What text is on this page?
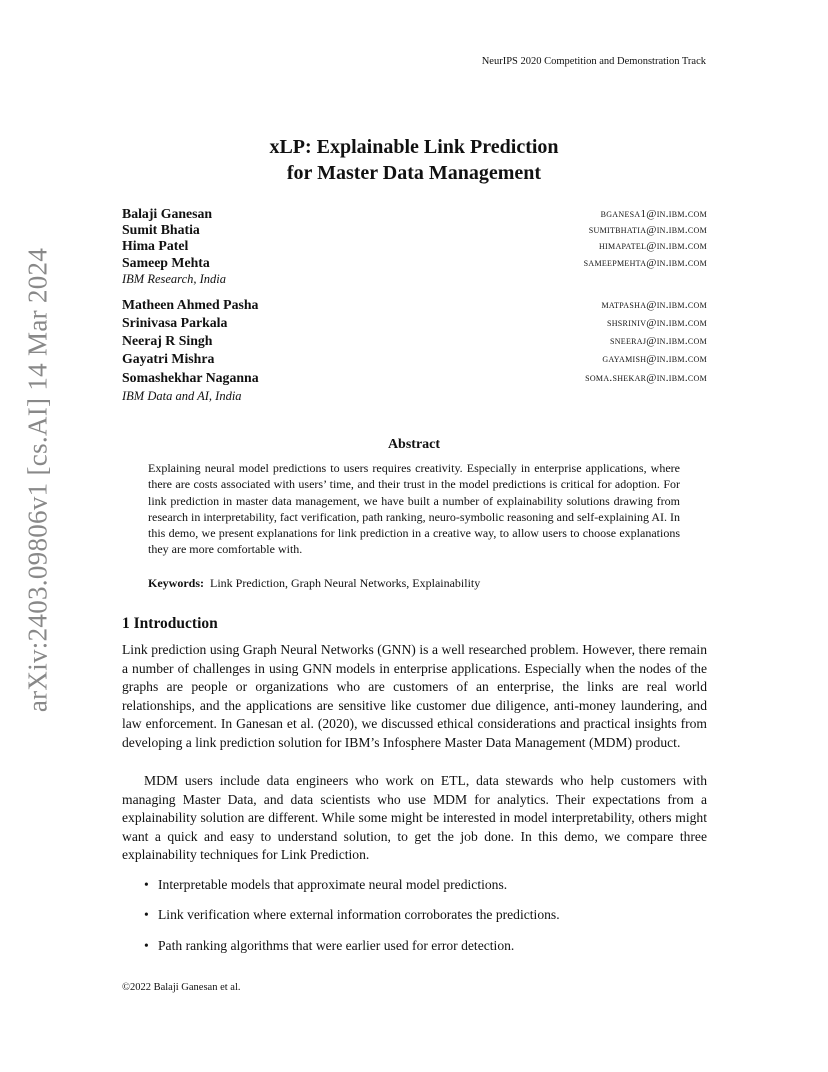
NeurIPS 2020 Competition and Demonstration Track
xLP: Explainable Link Prediction
for Master Data Management
Balaji Ganesan	bganesa1@in.ibm.com
Sumit Bhatia	sumitbhatia@in.ibm.com
Hima Patel	himapatel@in.ibm.com
Sameep Mehta	sameepmehta@in.ibm.com
IBM Research, India
Matheen Ahmed Pasha	matpasha@in.ibm.com
Srinivasa Parkala	shsriniv@in.ibm.com
Neeraj R Singh	sneeraj@in.ibm.com
Gayatri Mishra	gayamish@in.ibm.com
Somashekhar Naganna	soma.shekar@in.ibm.com
IBM Data and AI, India
Abstract
Explaining neural model predictions to users requires creativity. Especially in enterprise applications, where there are costs associated with users’ time, and their trust in the model predictions is critical for adoption. For link prediction in master data management, we have built a number of explainability solutions drawing from research in interpretability, fact verification, path ranking, neuro-symbolic reasoning and self-explaining AI. In this demo, we present explanations for link prediction in a creative way, to allow users to choose explanations they are more comfortable with.
Keywords: Link Prediction, Graph Neural Networks, Explainability
1 Introduction
Link prediction using Graph Neural Networks (GNN) is a well researched problem. However, there remain a number of challenges in using GNN models in enterprise applications. Especially when the nodes of the graphs are people or organizations who are customers of an enterprise, the links are real world relationships, and the applications are sensitive like customer due diligence, anti-money laundering, and law enforcement. In Ganesan et al. (2020), we discussed ethical considerations and practical insights from developing a link prediction solution for IBM’s Infosphere Master Data Management (MDM) product.
MDM users include data engineers who work on ETL, data stewards who help customers with managing Master Data, and data scientists who use MDM for analytics. Their expectations from a explainability solution are different. While some might be interested in model interpretability, others might want a quick and easy to understand solution, to get the job done. In this demo, we compare three explainability techniques for Link Prediction.
• Interpretable models that approximate neural model predictions.
• Link verification where external information corroborates the predictions.
• Path ranking algorithms that were earlier used for error detection.
©2022 Balaji Ganesan et al.
arXiv:2403.09806v1 [cs.AI] 14 Mar 2024
